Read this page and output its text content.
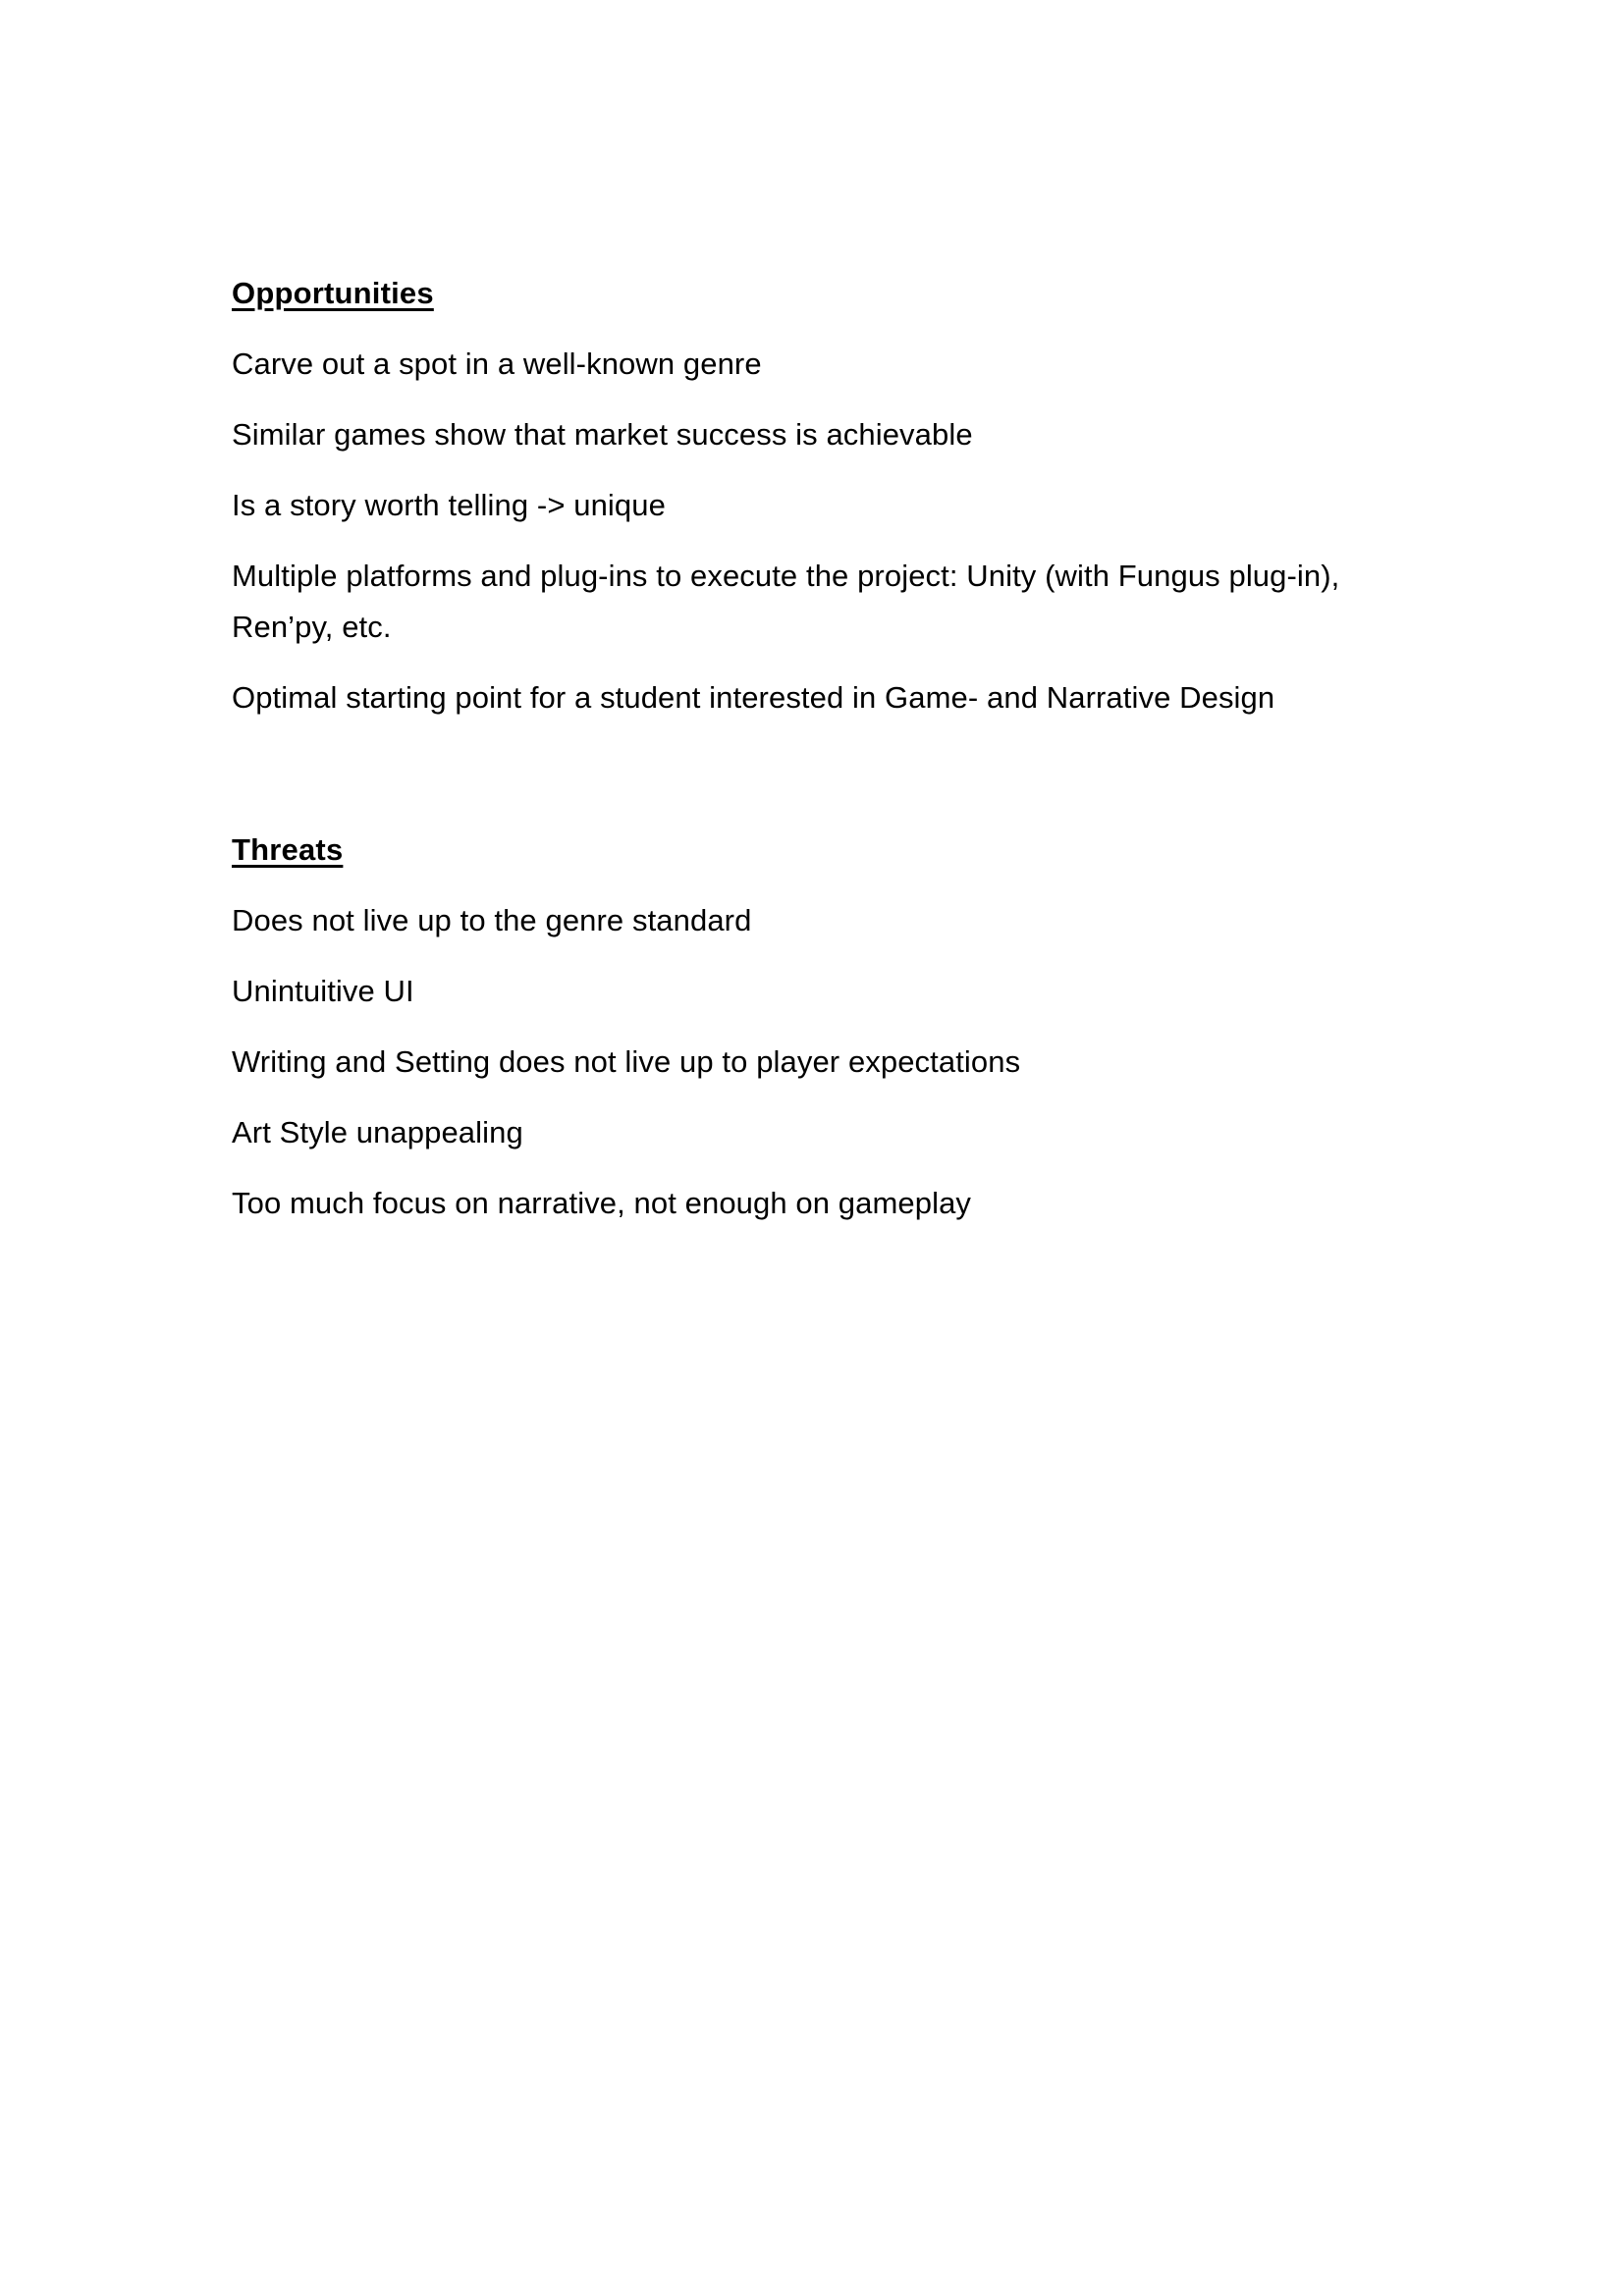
Opportunities

Carve out a spot in a well-known genre

Similar games show that market success is achievable

Is a story worth telling -> unique

Multiple platforms and plug-ins to execute the project: Unity (with Fungus plug-in), Ren’py, etc.

Optimal starting point for a student interested in Game- and Narrative Design

Threats

Does not live up to the genre standard

Unintuitive UI

Writing and Setting does not live up to player expectations

Art Style unappealing

Too much focus on narrative, not enough on gameplay
